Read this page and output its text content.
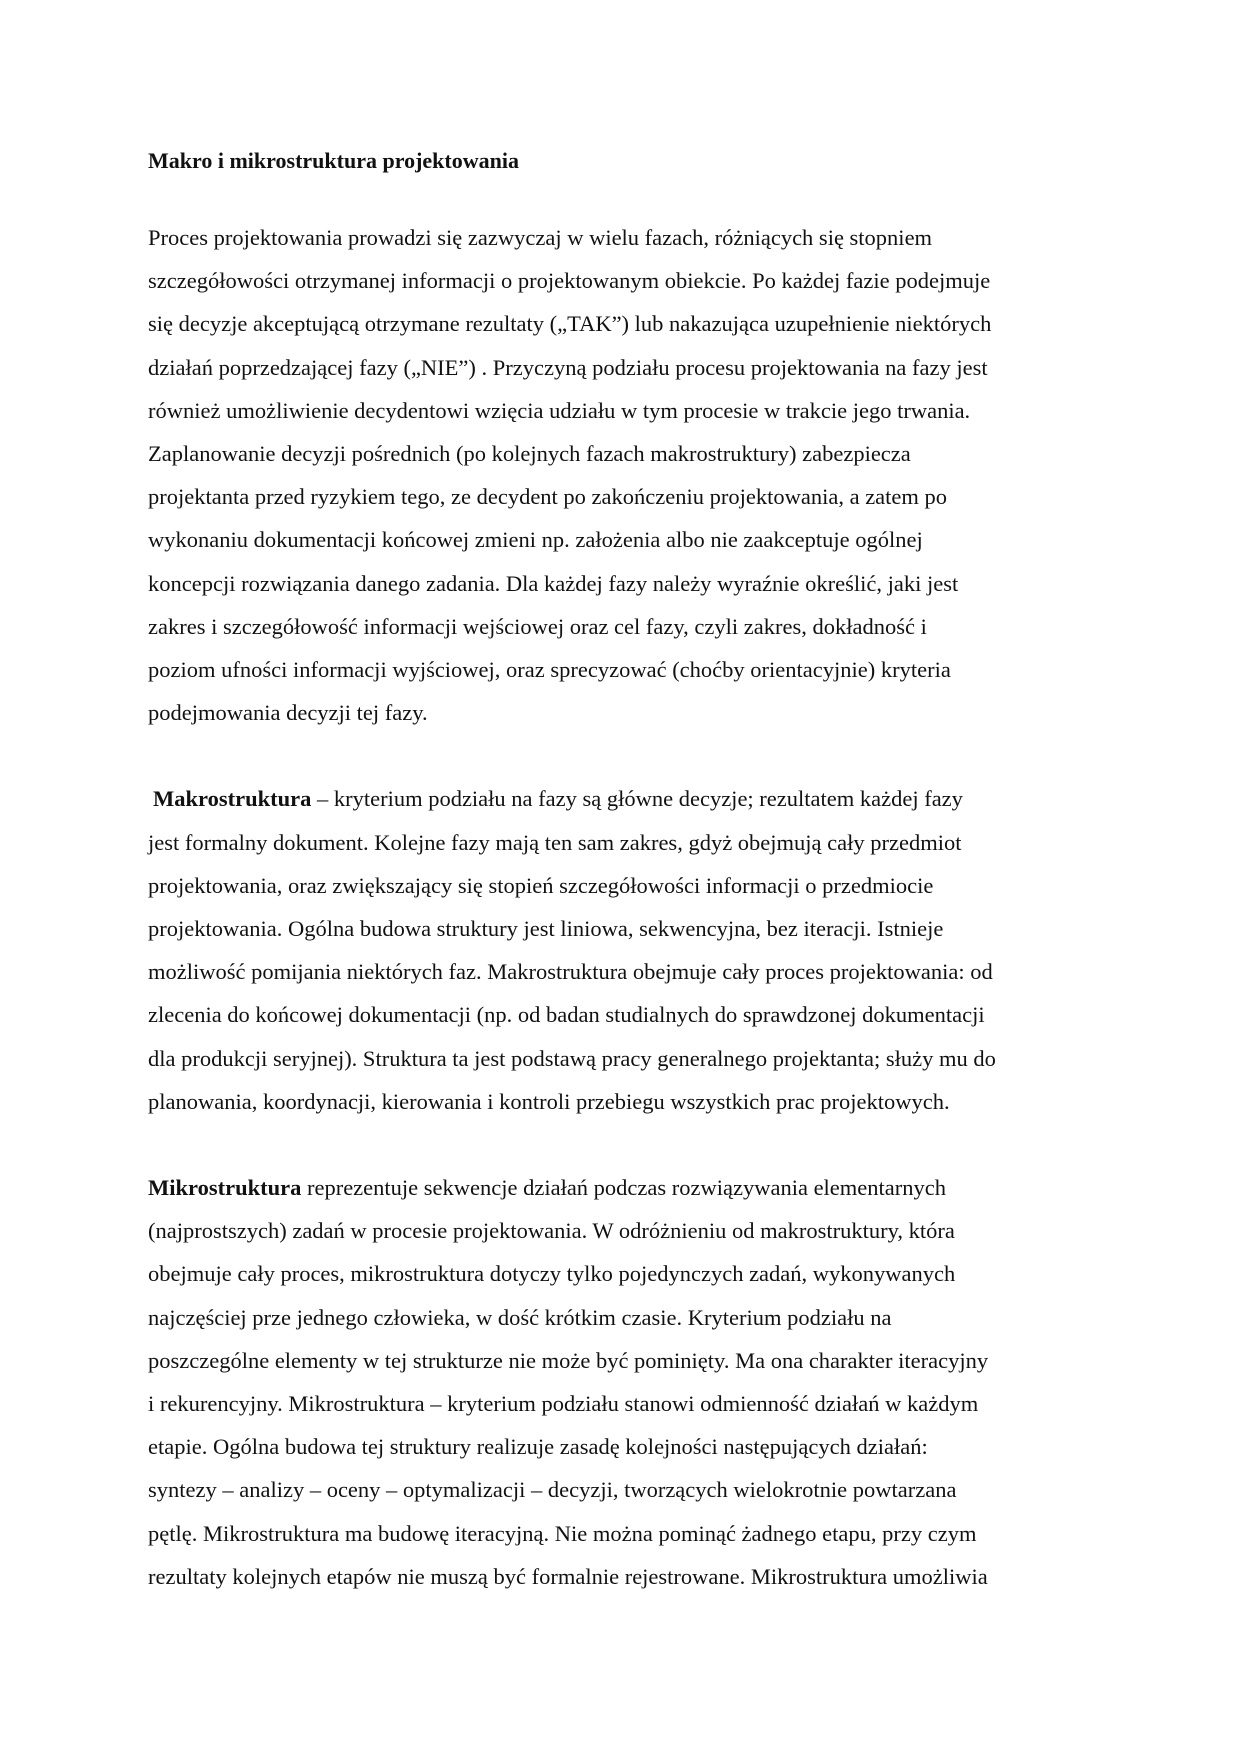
Makro i mikrostruktura projektowania
Proces projektowania prowadzi się zazwyczaj w wielu fazach, różniących się stopniem
szczegółowości otrzymanej informacji o projektowanym obiekcie. Po każdej fazie podejmuje
się decyzje akceptującą otrzymane rezultaty („TAK”) lub nakazująca uzupełnienie niektórych
działań poprzedzającej fazy („NIE”) . Przyczyną podziału procesu projektowania na fazy jest
również umożliwienie decydentowi wzięcia udziału w tym procesie w trakcie jego trwania.
Zaplanowanie decyzji pośrednich (po kolejnych fazach makrostruktury) zabezpiecza
projektanta przed ryzykiem tego, ze decydent po zakończeniu projektowania, a zatem po
wykonaniu dokumentacji końcowej zmieni np. założenia albo nie zaakceptuje ogólnej
koncepcji rozwiązania danego zadania. Dla każdej fazy należy wyraźnie określić, jaki jest
zakres i szczegółowość informacji wejściowej oraz cel fazy, czyli zakres, dokładność i
poziom ufności informacji wyjściowej, oraz sprecyzować (choćby orientacyjnie) kryteria
podejmowania decyzji tej fazy.
Makrostruktura – kryterium podziału na fazy są główne decyzje; rezultatem każdej fazy
jest formalny dokument. Kolejne fazy mają ten sam zakres, gdyż obejmują cały przedmiot
projektowania, oraz zwiększający się stopień szczegółowości informacji o przedmiocie
projektowania. Ogólna budowa struktury jest liniowa, sekwencyjna, bez iteracji. Istnieje
możliwość pomijania niektórych faz. Makrostruktura obejmuje cały proces projektowania: od
zlecenia do końcowej dokumentacji (np. od badan studialnych do sprawdzonej dokumentacji
dla produkcji seryjnej). Struktura ta jest podstawą pracy generalnego projektanta; służy mu do
planowania, koordynacji, kierowania i kontroli przebiegu wszystkich prac projektowych.
Mikrostruktura reprezentuje sekwencje działań podczas rozwiązywania elementarnych
(najprostszych) zadań w procesie projektowania. W odróżnieniu od makrostruktury, która
obejmuje cały proces, mikrostruktura dotyczy tylko pojedynczych zadań, wykonywanych
najczęściej prze jednego człowieka, w dość krótkim czasie. Kryterium podziału na
poszczególne elementy w tej strukturze nie może być pominięty. Ma ona charakter iteracyjny
i rekurencyjny. Mikrostruktura – kryterium podziału stanowi odmienność działań w każdym
etapie. Ogólna budowa tej struktury realizuje zasadę kolejności następujących działań:
syntezy – analizy – oceny – optymalizacji – decyzji, tworzących wielokrotnie powtarzana
pętlę. Mikrostruktura ma budowę iteracyjną. Nie można pominąć żadnego etapu, przy czym
rezultaty kolejnych etapów nie muszą być formalnie rejestrowane. Mikrostruktura umożliwia
